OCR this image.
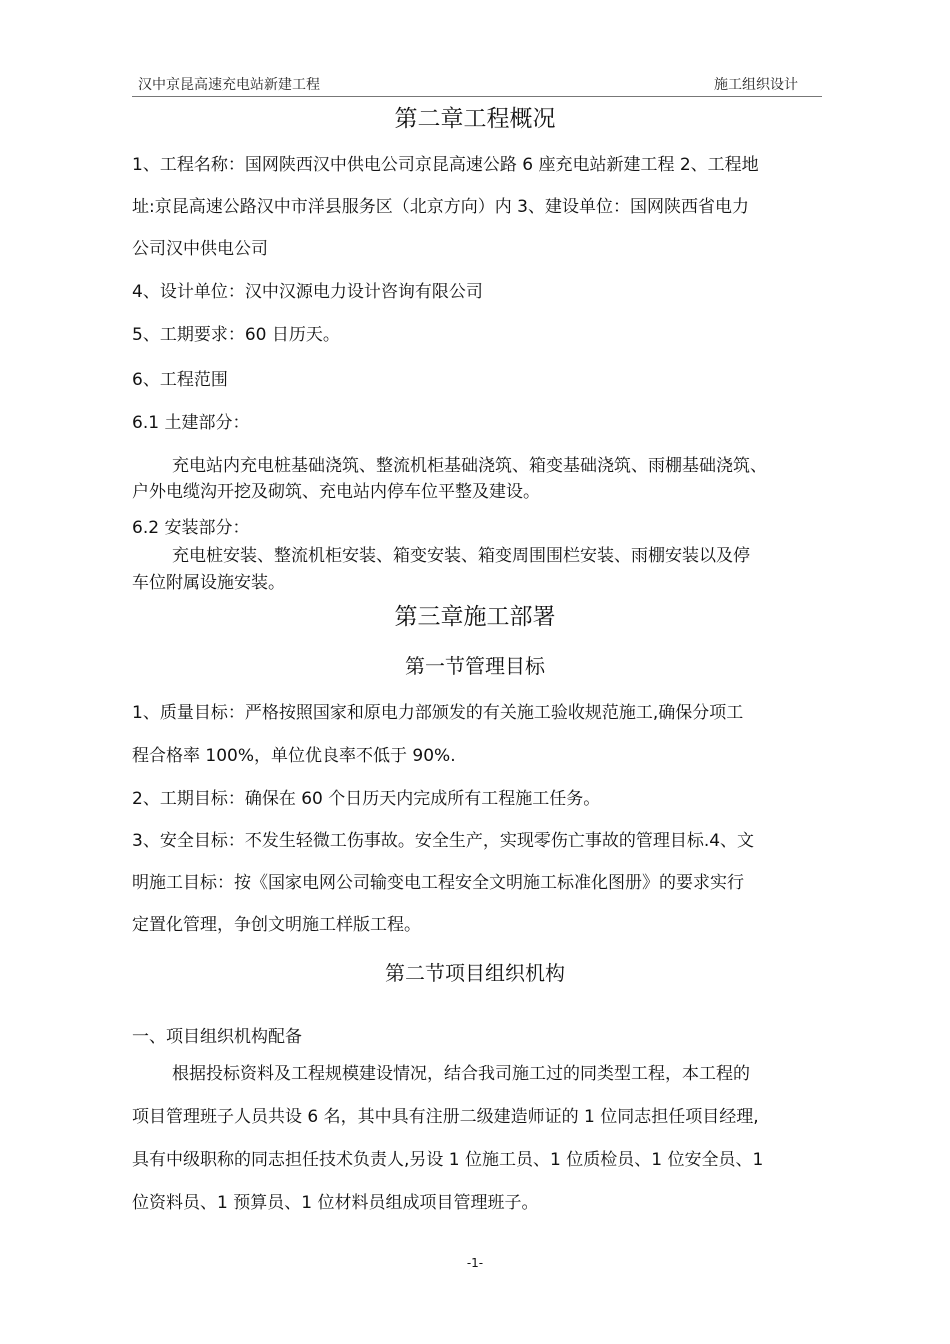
汉中京昆高速充电站新建工程	施工组织设计
第二章工程概况
1、工程名称：国网陕西汉中供电公司京昆高速公路 6 座充电站新建工程 2、工程地
址:京昆高速公路汉中市洋县服务区（北京方向）内 3、建设单位：国网陕西省电力
公司汉中供电公司
4、设计单位：汉中汉源电力设计咨询有限公司
5、工期要求：60 日历天。
6、工程范围
6.1 土建部分：
充电站内充电桩基础浇筑、整流机柜基础浇筑、箱变基础浇筑、雨棚基础浇筑、
户外电缆沟开挖及砌筑、充电站内停车位平整及建设。
6.2 安装部分：
充电桩安装、整流机柜安装、箱变安装、箱变周围围栏安装、雨棚安装以及停
车位附属设施安装。
第三章施工部署
第一节管理目标
1、质量目标：严格按照国家和原电力部颁发的有关施工验收规范施工,确保分项工
程合格率 100%，单位优良率不低于 90%.
2、工期目标：确保在 60 个日历天内完成所有工程施工任务。
3、安全目标：不发生轻微工伤事故。安全生产，实现零伤亡事故的管理目标.4、文
明施工目标：按《国家电网公司输变电工程安全文明施工标准化图册》的要求实行
定置化管理，争创文明施工样版工程。
第二节项目组织机构
一、项目组织机构配备
根据投标资料及工程规模建设情况，结合我司施工过的同类型工程，本工程的
项目管理班子人员共设 6 名，其中具有注册二级建造师证的 1 位同志担任项目经理,
具有中级职称的同志担任技术负责人,另设 1 位施工员、1 位质检员、1 位安全员、1
位资料员、1 预算员、1 位材料员组成项目管理班子。
-1-
